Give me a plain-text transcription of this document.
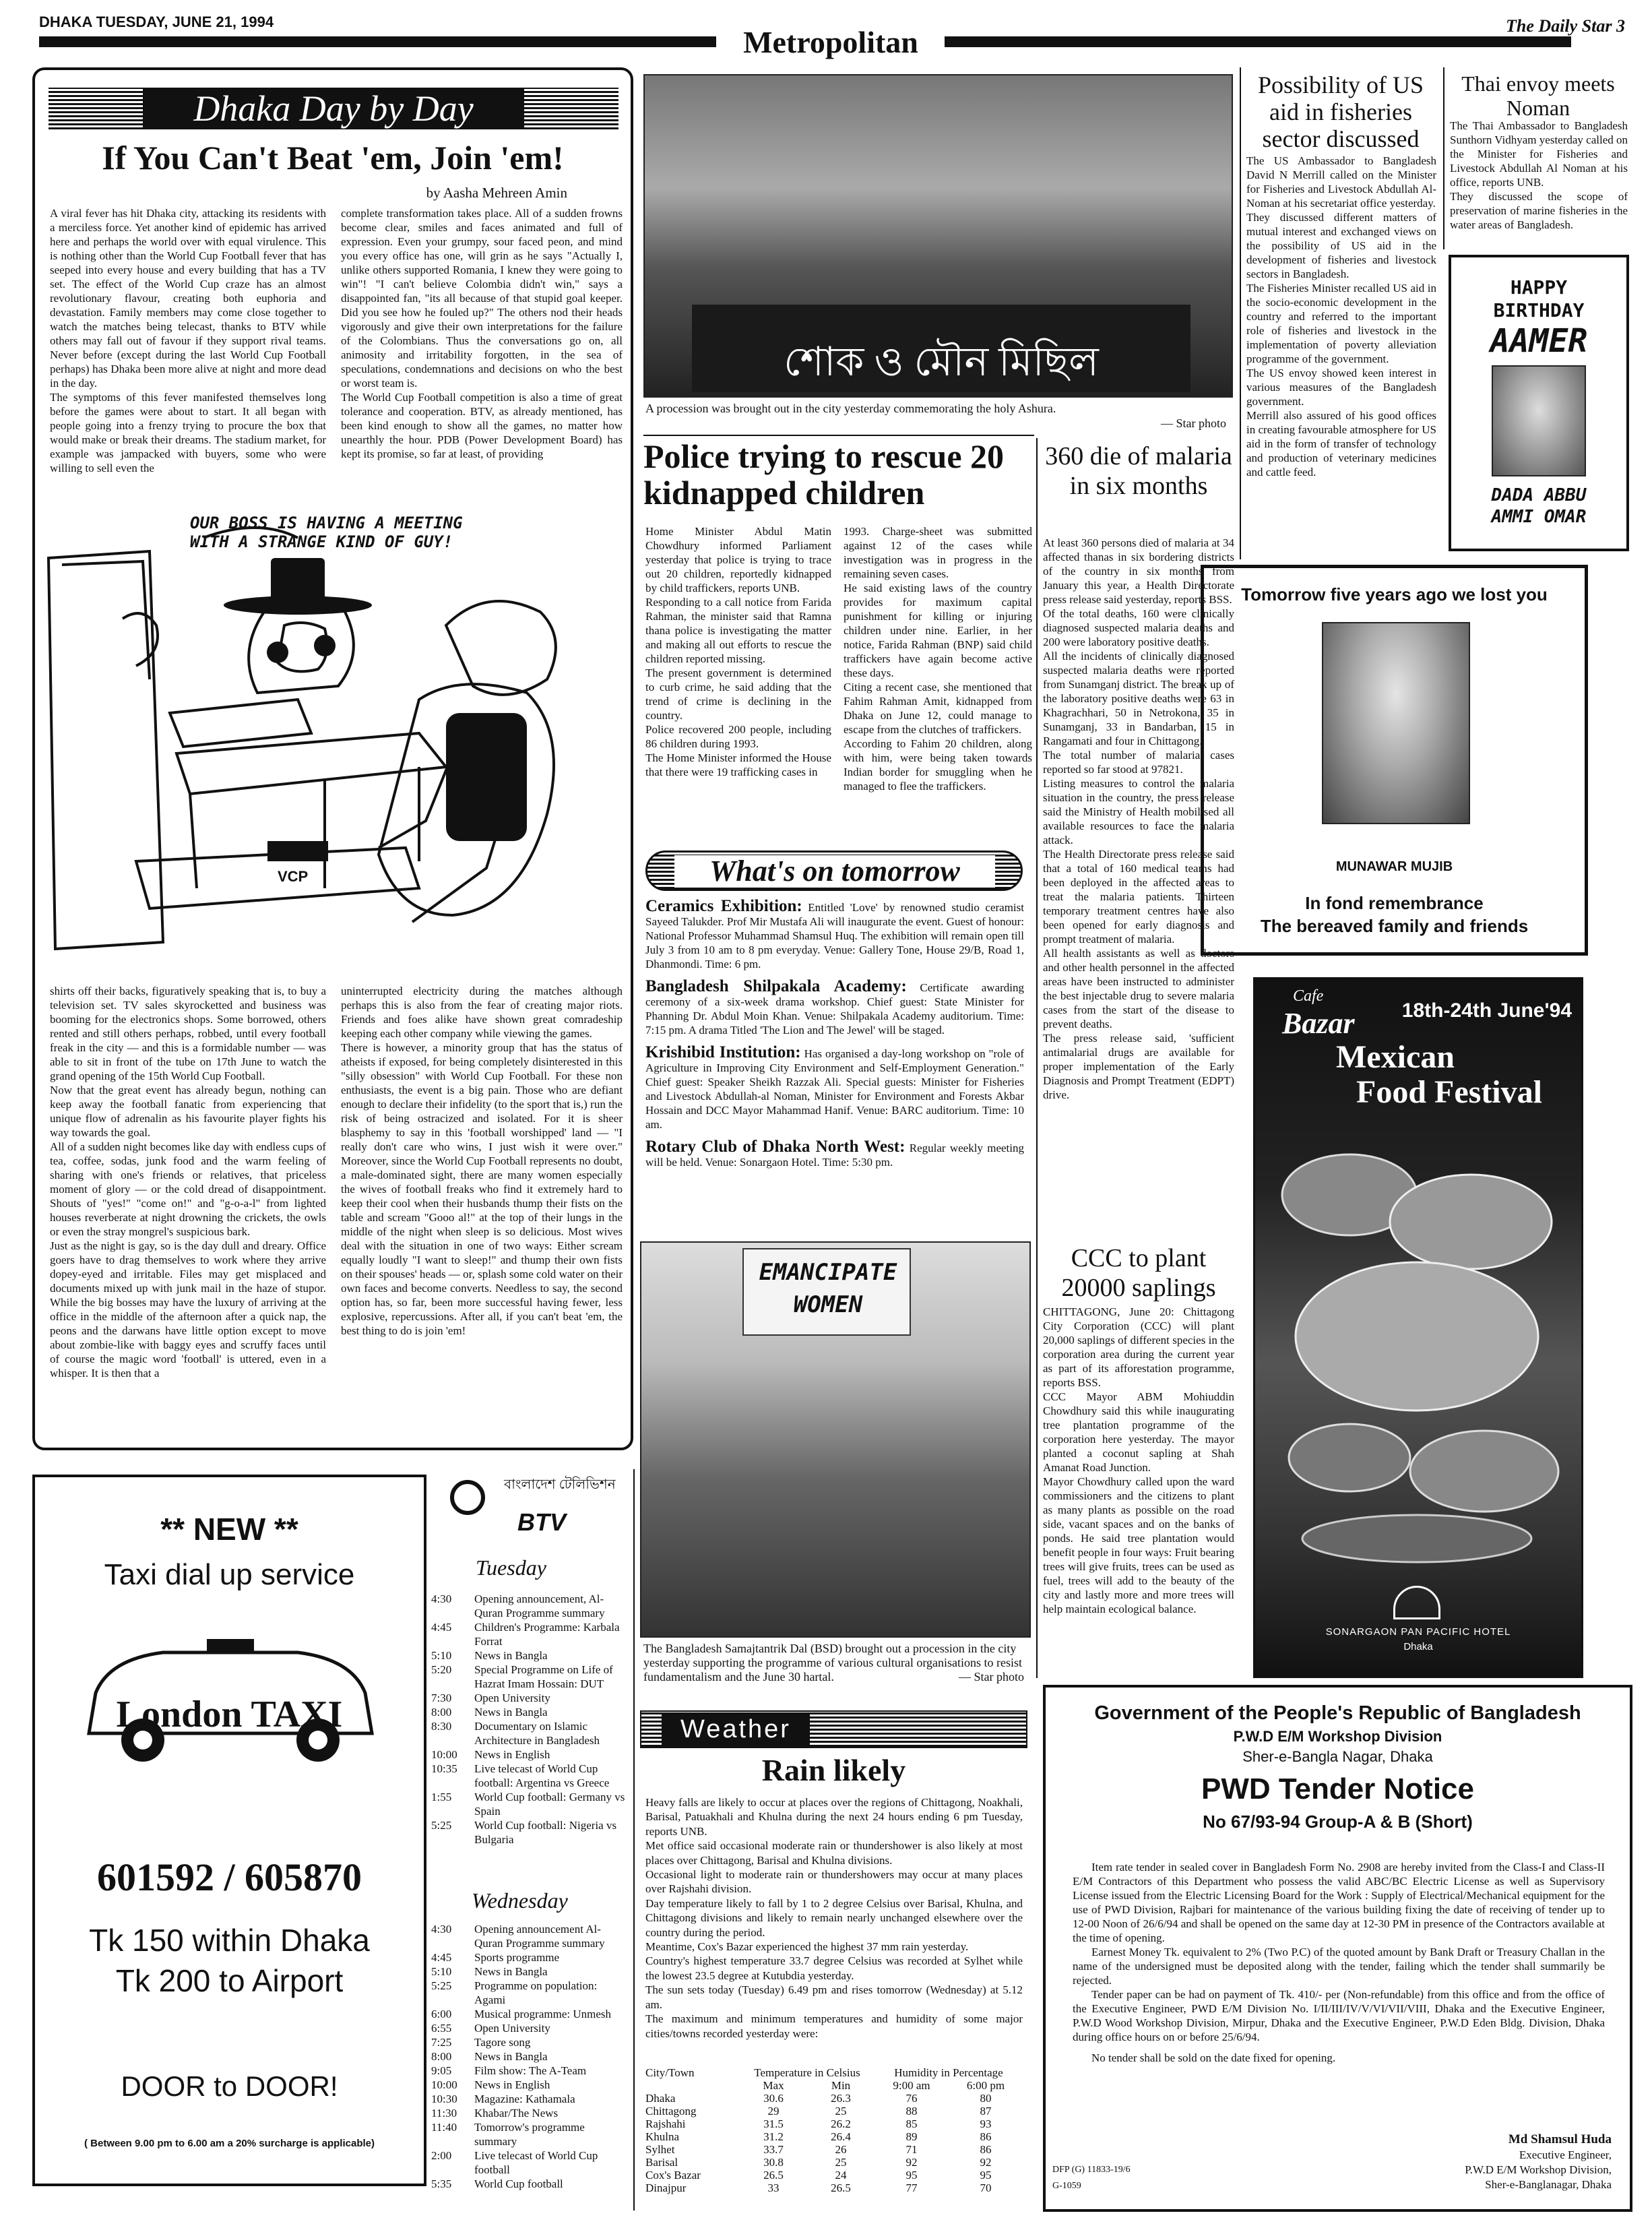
DHAKA TUESDAY, JUNE 21, 1994
Metropolitan	The Daily Star 3
Dhaka Day by Day
If You Can't Beat 'em, Join 'em!
by Aasha Mehreen Amin
A viral fever has hit Dhaka city, attacking its residents with a merciless force. Yet another kind of epidemic has arrived here and perhaps the world over with equal virulence. This is nothing other than the World Cup Football fever that has seeped into every house and every building that has a TV set. The effect of the World Cup craze has an almost revolutionary flavour, creating both euphoria and devastation. Family members may come close together to watch the matches being telecast, thanks to BTV while others may fall out of favour if they support rival teams. Never before (except during the last World Cup Football perhaps) has Dhaka been more alive at night and more dead in the day.
The symptoms of this fever manifested themselves long before the games were about to start. It all began with people going into a frenzy trying to procure the box that would make or break their dreams. The stadium market, for example was jampacked with buyers, some who were willing to sell even the
complete transformation takes place. All of a sudden frowns become clear, smiles and faces animated and full of expression. Even your grumpy, sour faced peon, and mind you every office has one, will grin as he says "Actually I, unlike others supported Romania, I knew they were going to win"! "I can't believe Colombia didn't win," says a disappointed fan, "its all because of that stupid goal keeper. Did you see how he fouled up?" The others nod their heads vigorously and give their own interpretations for the failure of the Colombians. Thus the conversations go on, all animosity and irritability forgotten, in the sea of speculations, condemnations and decisions on who the best or worst team is.
The World Cup Football competition is also a time of great tolerance and cooperation. BTV, as already mentioned, has been kind enough to show all the games, no matter how unearthly the hour. PDB (Power Development Board) has kept its promise, so far at least, of providing
OUR BOSS IS HAVING A MEETING WITH A STRANGE KIND OF GUY!
VCP
shirts off their backs, figuratively speaking that is, to buy a television set. TV sales skyrocketted and business was booming for the electronics shops. Some borrowed, others rented and still others perhaps, robbed, until every football freak in the city — and this is a formidable number — was able to sit in front of the tube on 17th June to watch the grand opening of the 15th World Cup Football.
Now that the great event has already begun, nothing can keep away the football fanatic from experiencing that unique flow of adrenalin as his favourite player fights his way towards the goal.
All of a sudden night becomes like day with endless cups of tea, coffee, sodas, junk food and the warm feeling of sharing with one's friends or relatives, that priceless moment of glory — or the cold dread of disappointment. Shouts of "yes!" "come on!" and "g-o-a-l" from lighted houses reverberate at night drowning the crickets, the owls or even the stray mongrel's suspicious bark.
Just as the night is gay, so is the day dull and dreary. Office goers have to drag themselves to work where they arrive dopey-eyed and irritable. Files may get misplaced and documents mixed up with junk mail in the haze of stupor. While the big bosses may have the luxury of arriving at the office in the middle of the afternoon after a quick nap, the peons and the darwans have little option except to move about zombie-like with baggy eyes and scruffy faces until of course the magic word 'football' is uttered, even in a whisper. It is then that a
uninterrupted electricity during the matches although perhaps this is also from the fear of creating major riots. Friends and foes alike have shown great comradeship keeping each other company while viewing the games.
There is however, a minority group that has the status of atheists if exposed, for being completely disinterested in this "silly obsession" with World Cup Football. For these non enthusiasts, the event is a big pain. Those who are defiant enough to declare their infidelity (to the sport that is,) run the risk of being ostracized and isolated. For it is sheer blasphemy to say in this 'football worshipped' land — "I really don't care who wins, I just wish it were over." Moreover, since the World Cup Football represents no doubt, a male-dominated sight, there are many women especially the wives of football freaks who find it extremely hard to keep their cool when their husbands thump their fists on the table and scream "Gooo al!" at the top of their lungs in the middle of the night when sleep is so delicious. Most wives deal with the situation in one of two ways: Either scream equally loudly "I want to sleep!" and thump their own fists on their spouses' heads — or, splash some cold water on their own faces and become converts. Needless to say, the second option has, so far, been more successful having fewer, less explosive, repercussions. After all, if you can't beat 'em, the best thing to do is join 'em!
শোক ও মৌন মিছিল
A procession was brought out in the city yesterday commemorating the holy Ashura.
— Star photo
Police trying to rescue 20 kidnapped children
Home Minister Abdul Matin Chowdhury informed Parliament yesterday that police is trying to trace out 20 children, reportedly kidnapped by child traffickers, reports UNB.
Responding to a call notice from Farida Rahman, the minister said that Ramna thana police is investigating the matter and making all out efforts to rescue the children reported missing.
The present government is determined to curb crime, he said adding that the trend of crime is declining in the country.
Police recovered 200 people, including 86 children during 1993.
The Home Minister informed the House that there were 19 trafficking cases in
1993. Charge-sheet was submitted against 12 of the cases while investigation was in progress in the remaining seven cases.
He said existing laws of the country provides for maximum capital punishment for killing or injuring children under nine. Earlier, in her notice, Farida Rahman (BNP) said child traffickers have again become active these days.
Citing a recent case, she mentioned that Fahim Rahman Amit, kidnapped from Dhaka on June 12, could manage to escape from the clutches of traffickers.
According to Fahim 20 children, along with him, were being taken towards Indian border for smuggling when he managed to flee the traffickers.
What's on tomorrow
Ceramics Exhibition: Entitled 'Love' by renowned studio ceramist Sayeed Talukder. Prof Mir Mustafa Ali will inaugurate the event. Guest of honour: National Professor Muhammad Shamsul Huq. The exhibition will remain open till July 3 from 10 am to 8 pm everyday. Venue: Gallery Tone, House 29/B, Road 1, Dhanmondi. Time: 6 pm.
Bangladesh Shilpakala Academy: Certificate awarding ceremony of a six-week drama workshop. Chief guest: State Minister for Phanning Dr. Abdul Moin Khan. Venue: Shilpakala Academy auditorium. Time: 7:15 pm. A drama Titled 'The Lion and The Jewel' will be staged.
Krishibid Institution: Has organised a day-long workshop on "role of Agriculture in Improving City Environment and Self-Employment Generation." Chief guest: Speaker Sheikh Razzak Ali. Special guests: Minister for Fisheries and Livestock Abdullah-al Noman, Minister for Environment and Forests Akbar Hossain and DCC Mayor Mahammad Hanif. Venue: BARC auditorium. Time: 10 am.
Rotary Club of Dhaka North West: Regular weekly meeting will be held. Venue: Sonargaon Hotel. Time: 5:30 pm.
EMANCIPATE WOMEN
The Bangladesh Samajtantrik Dal (BSD) brought out a procession in the city yesterday supporting the programme of various cultural organisations to resist fundamentalism and the June 30 hartal.	— Star photo
360 die of malaria in six months
At least 360 persons died of malaria at 34 affected thanas in six bordering districts of the country in six months from January this year, a Health Directorate press release said yesterday, reports BSS.
Of the total deaths, 160 were clinically diagnosed suspected malaria deaths and 200 were laboratory positive deaths.
All the incidents of clinically diagnosed suspected malaria deaths were reported from Sunamganj district. The break up of the laboratory positive deaths were 63 in Khagrachhari, 50 in Netrokona, 35 in Sunamganj, 33 in Bandarban, 15 in Rangamati and four in Chittagong.
The total number of malaria cases reported so far stood at 97821.
Listing measures to control the malaria situation in the country, the press release said the Ministry of Health mobilised all available resources to face the malaria attack.
The Health Directorate press release said that a total of 160 medical teams had been deployed in the affected areas to treat the malaria patients. Thirteen temporary treatment centres have also been opened for early diagnosis and prompt treatment of malaria.
All health assistants as well as doctors and other health personnel in the affected areas have been instructed to administer the best injectable drug to severe malaria cases from the start of the disease to prevent deaths.
The press release said, 'sufficient antimalarial drugs are available for proper implementation of the Early Diagnosis and Prompt Treatment (EDPT) drive.
CCC to plant 20000 saplings
CHITTAGONG, June 20: Chittagong City Corporation (CCC) will plant 20,000 saplings of different species in the corporation area during the current year as part of its afforestation programme, reports BSS.
CCC Mayor ABM Mohiuddin Chowdhury said this while inaugurating tree plantation programme of the corporation here yesterday. The mayor planted a coconut sapling at Shah Amanat Road Junction.
Mayor Chowdhury called upon the ward commissioners and the citizens to plant as many plants as possible on the road side, vacant spaces and on the banks of ponds. He said tree plantation would benefit people in four ways: Fruit bearing trees will give fruits, trees can be used as fuel, trees will add to the beauty of the city and lastly more and more trees will help maintain ecological balance.
Possibility of US aid in fisheries sector discussed
The US Ambassador to Bangladesh David N Merrill called on the Minister for Fisheries and Livestock Abdullah Al-Noman at his secretariat office yesterday.
They discussed different matters of mutual interest and exchanged views on the possibility of US aid in the development of fisheries and livestock sectors in Bangladesh.
The Fisheries Minister recalled US aid in the socio-economic development in the country and referred to the important role of fisheries and livestock in the implementation of poverty alleviation programme of the government.
The US envoy showed keen interest in various measures of the Bangladesh government.
Merrill also assured of his good offices in creating favourable atmosphere for US aid in the form of transfer of technology and production of veterinary medicines and cattle feed.
Thai envoy meets Noman
The Thai Ambassador to Bangladesh Sunthorn Vidhyam yesterday called on the Minister for Fisheries and Livestock Abdullah Al Noman at his office, reports UNB.
They discussed the scope of preservation of marine fisheries in the water areas of Bangladesh.
HAPPY
BIRTHDAY
AAMER
DADA ABBU
AMMI OMAR
Tomorrow five years ago we lost you
MUNAWAR MUJIB
In fond remembrance
The bereaved family and friends
Cafe
Bazar	18th-24th June'94
Mexican
Food Festival
SONARGAON PAN PACIFIC HOTEL
Dhaka
** NEW **
Taxi dial up service
London TAXI
601592 / 605870
Tk 150 within Dhaka
Tk 200 to Airport
DOOR to DOOR!
( Between 9.00 pm to 6.00 am a 20% surcharge is applicable)
বাংলাদেশ টেলিভিশন
BTV
Tuesday
4:30	Opening announcement, Al-Quran Programme summary
4:45	Children's Programme: Karbala Forrat
5:10	News in Bangla
5:20	Special Programme on Life of Hazrat Imam Hossain: DUT
7:30	Open University
8:00	News in Bangla
8:30	Documentary on Islamic Architecture in Bangladesh
10:00	News in English
10:35	Live telecast of World Cup football: Argentina vs Greece
1:55	World Cup football: Germany vs Spain
5:25	World Cup football: Nigeria vs Bulgaria
Wednesday
4:30	Opening announcement Al-Quran Programme summary
4:45	Sports programme
5:10	News in Bangla
5:25	Programme on population: Agami
6:00	Musical programme: Unmesh
6:55	Open University
7:25	Tagore song
8:00	News in Bangla
9:05	Film show: The A-Team
10:00	News in English
10:30	Magazine: Kathamala
11:30	Khabar/The News
11:40	Tomorrow's programme summary
2:00	Live telecast of World Cup football
5:35	World Cup football
Weather
Rain likely
Heavy falls are likely to occur at places over the regions of Chittagong, Noakhali, Barisal, Patuakhali and Khulna during the next 24 hours ending 6 pm Tuesday, reports UNB.
Met office said occasional moderate rain or thundershower is also likely at most places over Chittagong, Barisal and Khulna divisions.
Occasional light to moderate rain or thundershowers may occur at many places over Rajshahi division.
Day temperature likely to fall by 1 to 2 degree Celsius over Barisal, Khulna, and Chittagong divisions and likely to remain nearly unchanged elsewhere over the country during the period.
Meantime, Cox's Bazar experienced the highest 37 mm rain yesterday.
Country's highest temperature 33.7 degree Celsius was recorded at Sylhet while the lowest 23.5 degree at Kutubdia yesterday.
The sun sets today (Tuesday) 6.49 pm and rises tomorrow (Wednesday) at 5.12 am.
The maximum and minimum temperatures and humidity of some major cities/towns recorded yesterday were:
City/Town	Temperature in Celsius	Humidity in Percentage
Max	Min	9:00 am	6:00 pm
Dhaka	30.6	26.3	76	80
Chittagong	29	25	88	87
Rajshahi	31.5	26.2	85	93
Khulna	31.2	26.4	89	86
Sylhet	33.7	26	71	86
Barisal	30.8	25	92	92
Cox's Bazar	26.5	24	95	95
Dinajpur	33	26.5	77	70
Government of the People's Republic of Bangladesh
P.W.D E/M Workshop Division
Sher-e-Bangla Nagar, Dhaka
PWD Tender Notice
No 67/93-94 Group-A & B (Short)
Item rate tender in sealed cover in Bangladesh Form No. 2908 are hereby invited from the Class-I and Class-II E/M Contractors of this Department who possess the valid ABC/BC Electric License as well as Supervisory License issued from the Electric Licensing Board for the Work : Supply of Electrical/Mechanical equipment for the use of PWD Division, Rajbari for maintenance of the various building fixing the date of receiving of tender up to 12-00 Noon of 26/6/94 and shall be opened on the same day at 12-30 PM in presence of the Contractors available at the time of opening.
Earnest Money Tk. equivalent to 2% (Two P.C) of the quoted amount by Bank Draft or Treasury Challan in the name of the undersigned must be deposited along with the tender, failing which the tender shall summarily be rejected.
Tender paper can be had on payment of Tk. 410/- per (Non-refundable) from this office and from the office of the Executive Engineer, PWD E/M Division No. I/II/III/IV/V/VI/VII/VIII, Dhaka and the Executive Engineer, P.W.D Wood Workshop Division, Mirpur, Dhaka and the Executive Engineer, P.W.D Eden Bldg. Division, Dhaka during office hours on or before 25/6/94.
No tender shall be sold on the date fixed for opening.
Md Shamsul Huda
Executive Engineer,
P.W.D E/M Workshop Division,
Sher-e-Banglanagar, Dhaka
DFP (G) 11833-19/6
G-1059
